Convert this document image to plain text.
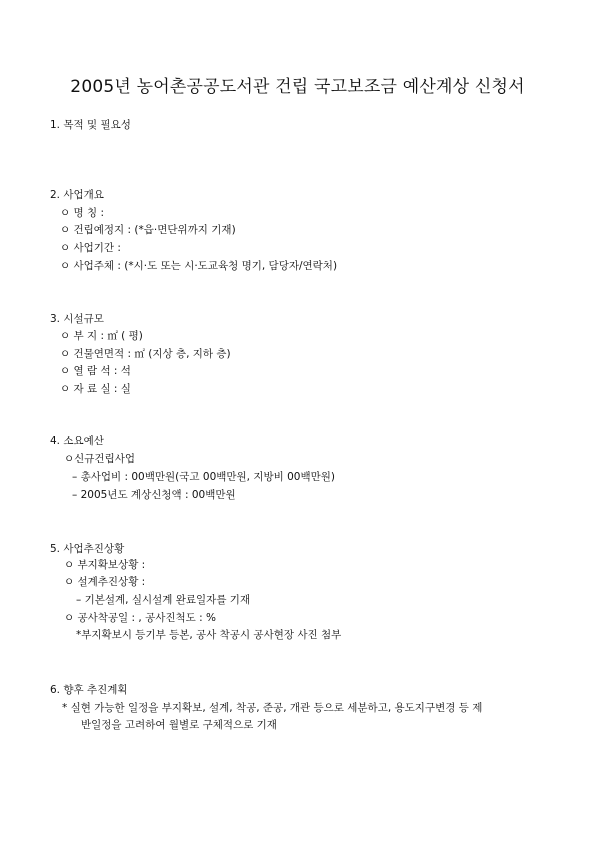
2005년 농어촌공공도서관 건립 국고보조금 예산계상 신청서
1. 목적 및 필요성
2. 사업개요
ㅇ 명 칭 :
ㅇ 건립예정지 : (*읍·면단위까지 기재)
ㅇ 사업기간 :
ㅇ 사업주체 : (*시·도 또는 시·도교육청 명기, 담당자/연락처)
3. 시설규모
ㅇ 부 지 : ㎡ ( 평)
ㅇ 건물연면적 : ㎡ (지상 층, 지하 층)
ㅇ 열 람 석 : 석
ㅇ 자 료 실 : 실
4. 소요예산
ㅇ신규건립사업
– 총사업비 : 00백만원(국고 00백만원, 지방비 00백만원)
– 2005년도 계상신청액 : 00백만원
5. 사업추진상황
ㅇ 부지확보상황 :
ㅇ 설계추진상황 :
– 기본설계, 실시설계 완료일자를 기재
ㅇ 공사착공일 : , 공사진척도 : %
*부지확보시 등기부 등본, 공사 착공시 공사현장 사진 첨부
6. 향후 추진계획
* 실현 가능한 일정을 부지확보, 설계, 착공, 준공, 개관 등으로 세분하고, 용도지구변경 등 제
반일정을 고려하여 월별로 구체적으로 기재
